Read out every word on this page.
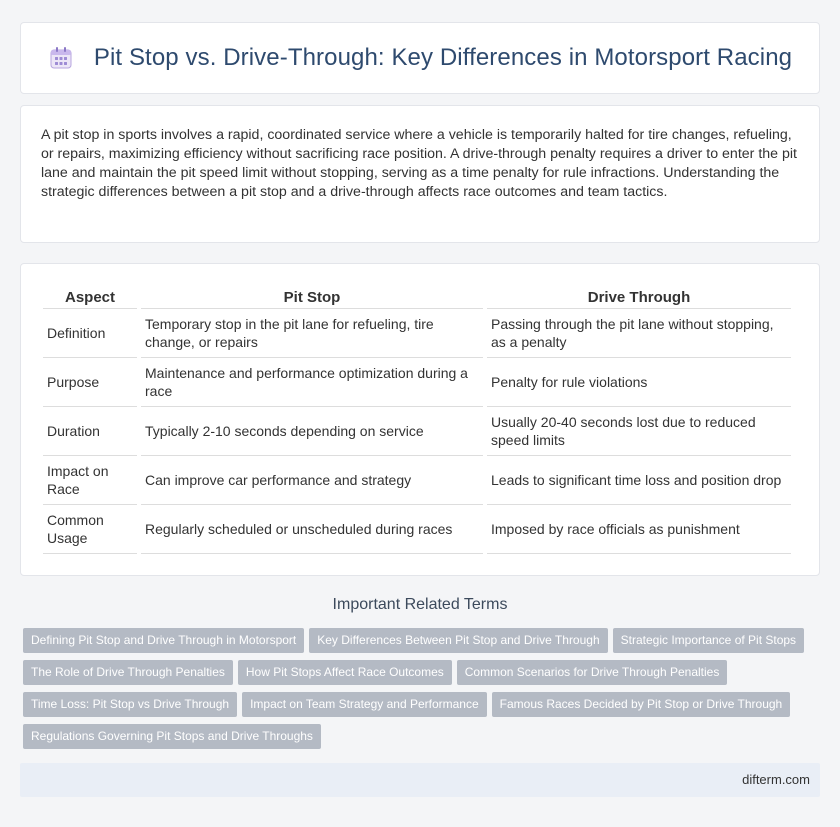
Pit Stop vs. Drive-Through: Key Differences in Motorsport Racing

A pit stop in sports involves a rapid, coordinated service where a vehicle is temporarily halted for tire changes, refueling, or repairs, maximizing efficiency without sacrificing race position. A drive-through penalty requires a driver to enter the pit lane and maintain the pit speed limit without stopping, serving as a time penalty for rule infractions. Understanding the strategic differences between a pit stop and a drive-through affects race outcomes and team tactics.

Aspect	Pit Stop	Drive Through
Definition	Temporary stop in the pit lane for refueling, tire change, or repairs	Passing through the pit lane without stopping, as a penalty
Purpose	Maintenance and performance optimization during a race	Penalty for rule violations
Duration	Typically 2-10 seconds depending on service	Usually 20-40 seconds lost due to reduced speed limits
Impact on Race	Can improve car performance and strategy	Leads to significant time loss and position drop
Common Usage	Regularly scheduled or unscheduled during races	Imposed by race officials as punishment
Important Related Terms
Defining Pit Stop and Drive Through in Motorsport Key Differences Between Pit Stop and Drive Through Strategic Importance of Pit Stops
The Role of Drive Through Penalties How Pit Stops Affect Race Outcomes Common Scenarios for Drive Through Penalties
Time Loss: Pit Stop vs Drive Through Impact on Team Strategy and Performance Famous Races Decided by Pit Stop or Drive Through
Regulations Governing Pit Stops and Drive Throughs
difterm.com
